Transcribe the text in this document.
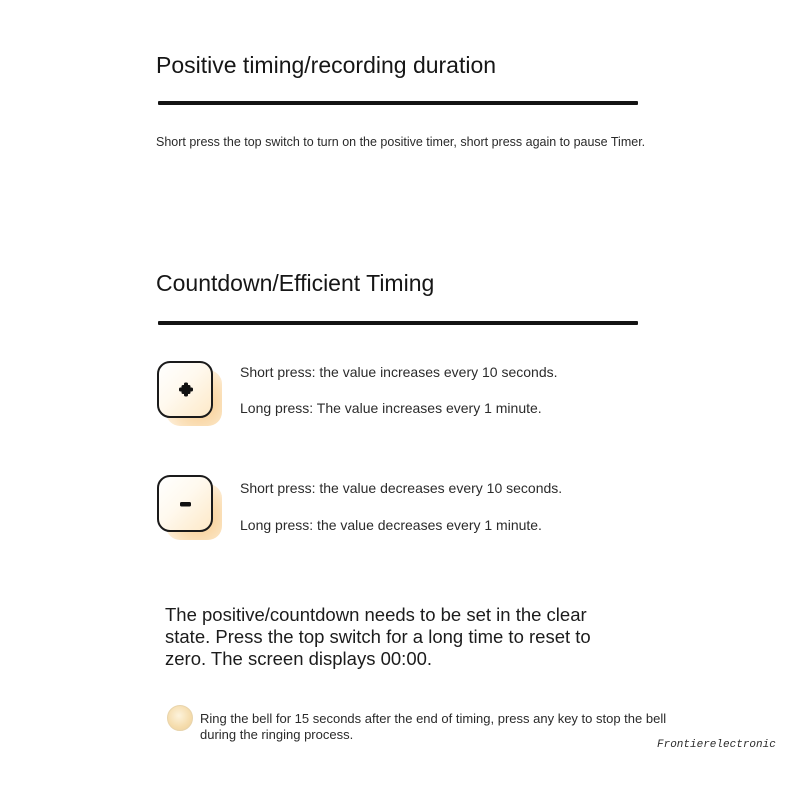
Positive timing/recording duration
Short press the top switch to turn on the positive timer, short press again to pause Timer.
Countdown/Efficient Timing
Short press: the value increases every 10 seconds.
Long press: The value increases every 1 minute.
Short press: the value decreases every 10 seconds.
Long press: the value decreases every 1 minute.
The positive/countdown needs to be set in the clear state. Press the top switch for a long time to reset to zero. The screen displays 00:00.
Ring the bell for 15 seconds after the end of timing, press any key to stop the bell during the ringing process.
Frontierelectronic
